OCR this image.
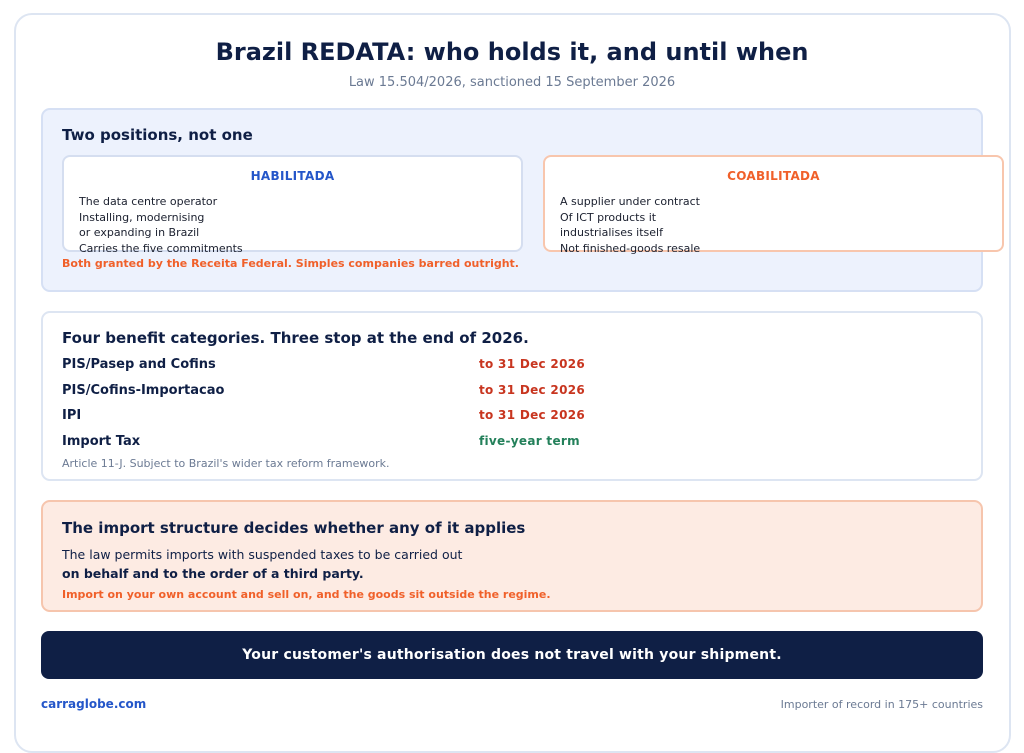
Brazil REDATA: who holds it, and until when
Law 15.504/2026, sanctioned 15 September 2026
Two positions, not one
HABILITADA
The data centre operator
Installing, modernising
or expanding in Brazil
Carries the five commitments
COABILITADA
A supplier under contract
Of ICT products it
industrialises itself
Not finished-goods resale
Both granted by the Receita Federal. Simples companies barred outright.
Four benefit categories. Three stop at the end of 2026.
PIS/Pasep and Cofins	to 31 Dec 2026
PIS/Cofins-Importacao	to 31 Dec 2026
IPI	to 31 Dec 2026
Import Tax	five-year term
Article 11-J. Subject to Brazil's wider tax reform framework.
The import structure decides whether any of it applies
The law permits imports with suspended taxes to be carried out
on behalf and to the order of a third party.
Import on your own account and sell on, and the goods sit outside the regime.
Your customer's authorisation does not travel with your shipment.
carraglobe.com	Importer of record in 175+ countries
